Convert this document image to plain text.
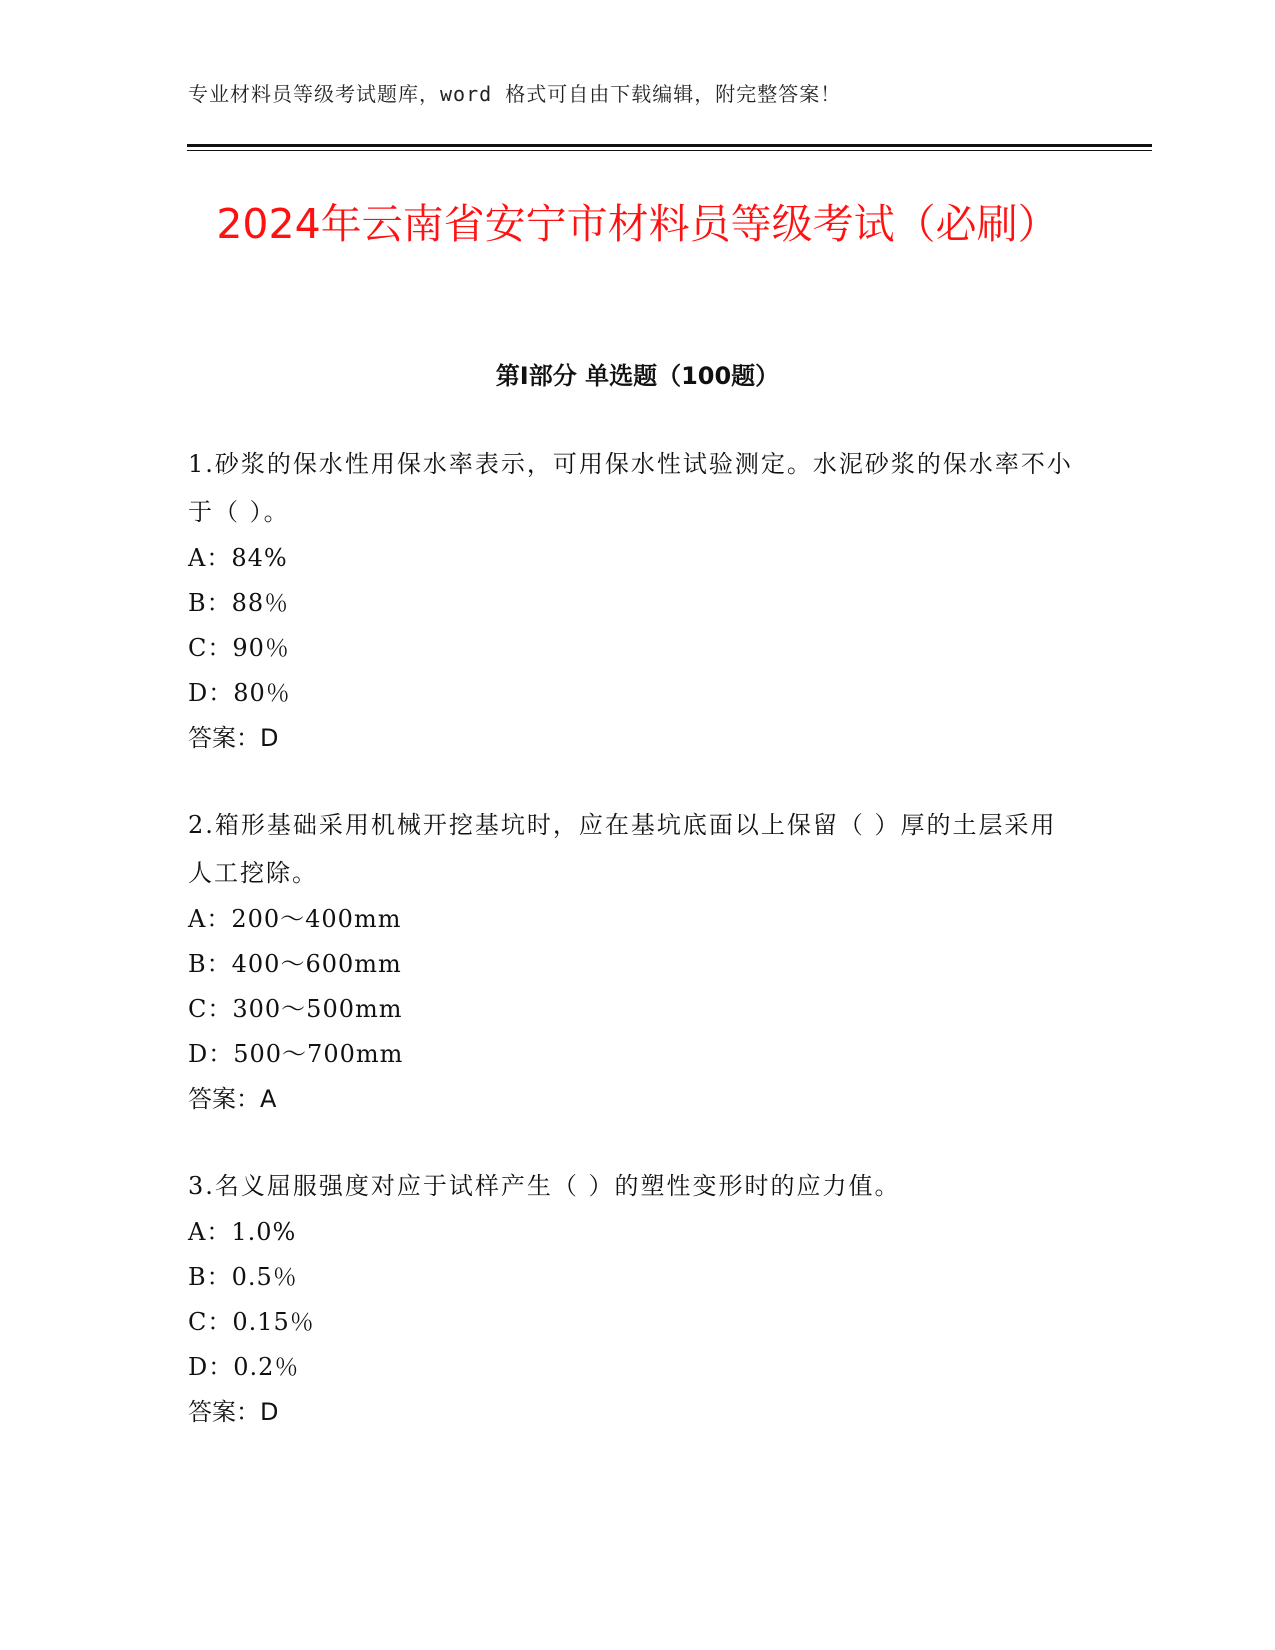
专业材料员等级考试题库，word 格式可自由下载编辑，附完整答案！
2024年云南省安宁市材料员等级考试（必刷）
第Ⅰ部分 单选题（100题）

1.砂浆的保水性用保水率表示，可用保水性试验测定。水泥砂浆的保水率不小于（ ）。

A：84%
B：88％
C：90％
D：80％
答案：D

2.箱形基础采用机械开挖基坑时，应在基坑底面以上保留（ ）厚的土层采用人工挖除。

A：200～400mm
B：400～600mm
C：300～500mm
D：500～700mm
答案：A

3.名义屈服强度对应于试样产生（ ）的塑性变形时的应力值。

A：1.0%
B：0.5％
C：0.15％
D：0.2％
答案：D
